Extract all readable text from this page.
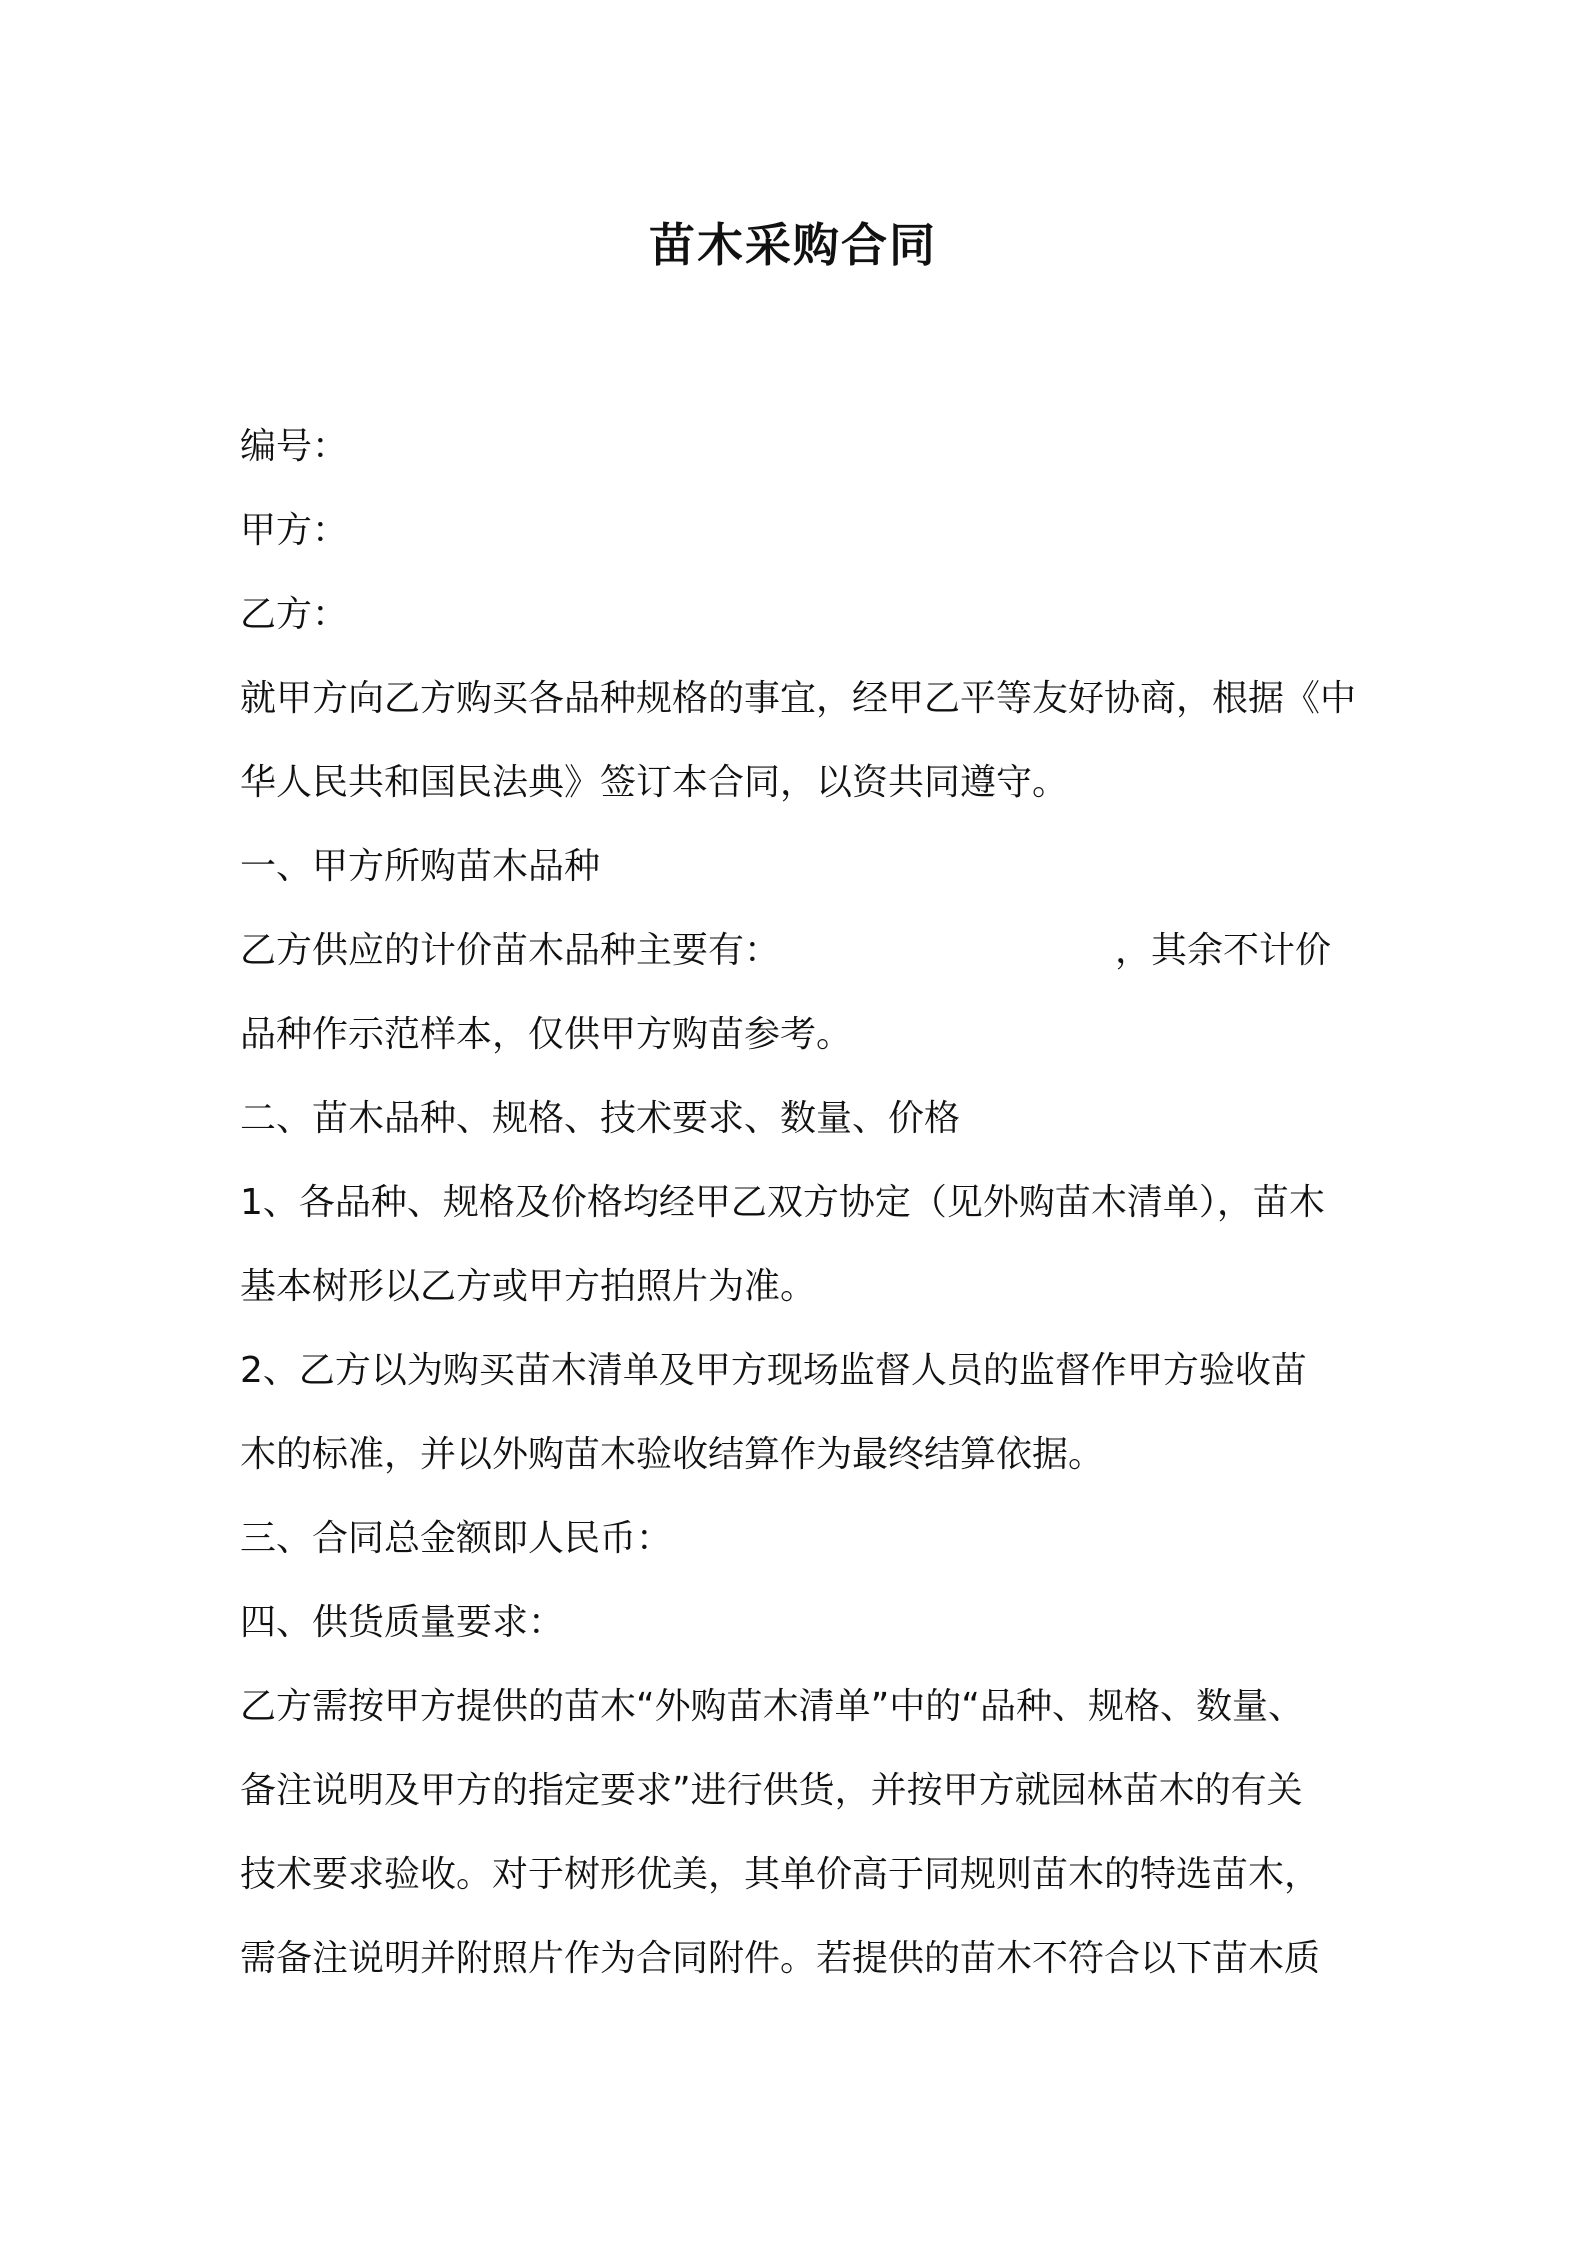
苗木采购合同
编号：
甲方：
乙方：
就甲方向乙方购买各品种规格的事宜，经甲乙平等友好协商，根据《中
华人民共和国民法典》签订本合同，以资共同遵守。
一、甲方所购苗木品种
乙方供应的计价苗木品种主要有：	，其余不计价
品种作示范样本，仅供甲方购苗参考。
二、苗木品种、规格、技术要求、数量、价格
1、各品种、规格及价格均经甲乙双方协定（见外购苗木清单），苗木
基本树形以乙方或甲方拍照片为准。
2、乙方以为购买苗木清单及甲方现场监督人员的监督作甲方验收苗
木的标准，并以外购苗木验收结算作为最终结算依据。
三、合同总金额即人民币：
四、供货质量要求：
乙方需按甲方提供的苗木“外购苗木清单”中的“品种、规格、数量、
备注说明及甲方的指定要求”进行供货，并按甲方就园林苗木的有关
技术要求验收。对于树形优美，其单价高于同规则苗木的特选苗木，
需备注说明并附照片作为合同附件。若提供的苗木不符合以下苗木质
